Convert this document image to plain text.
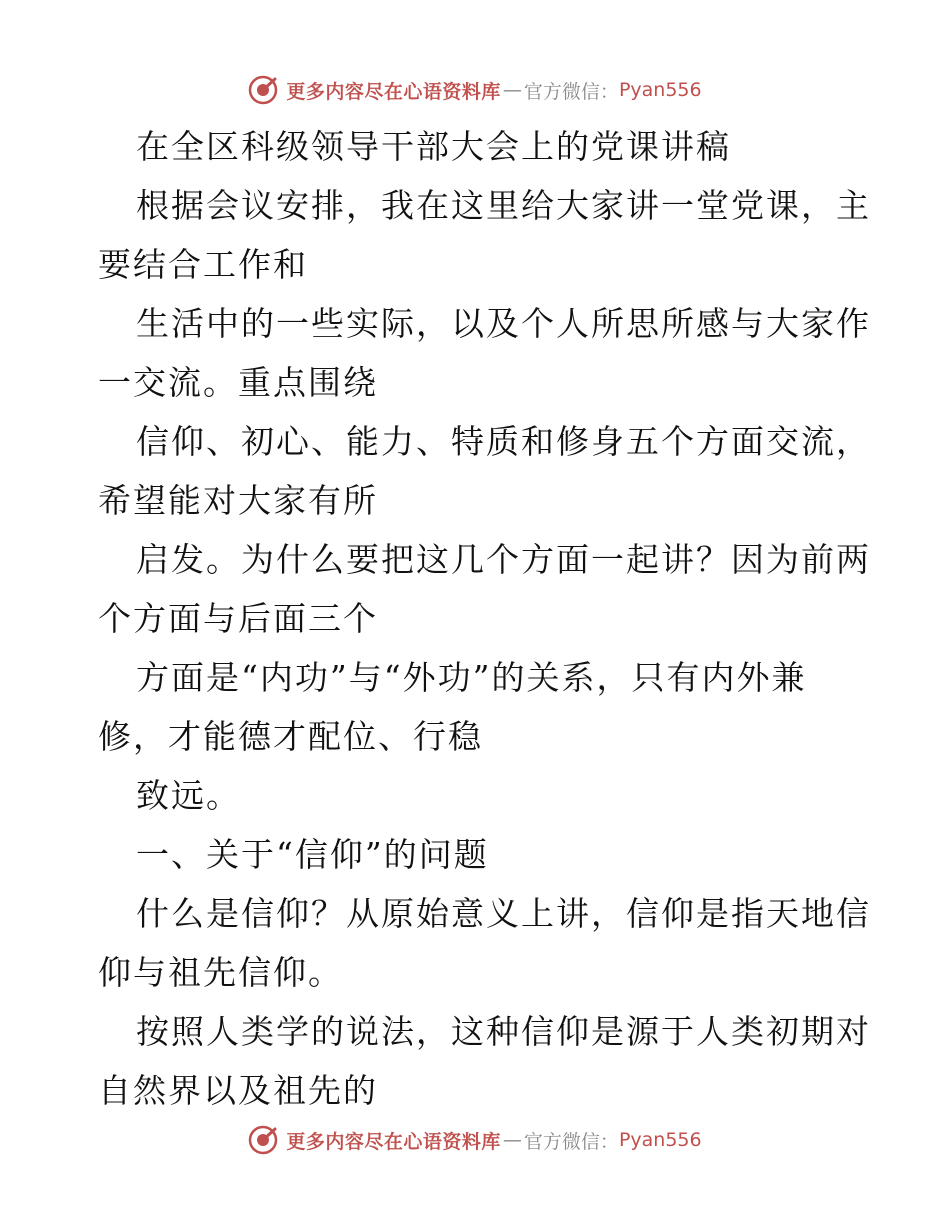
更多内容尽在心语资料库 — 官方微信： Pyan556
在全区科级领导干部大会上的党课讲稿
根据会议安排，我在这里给大家讲一堂党课，主
要结合工作和
生活中的一些实际，以及个人所思所感与大家作
一交流。重点围绕
信仰、初心、能力、特质和修身五个方面交流，
希望能对大家有所
启发。为什么要把这几个方面一起讲？因为前两
个方面与后面三个
方面是“内功”与“外功”的关系，只有内外兼
修，才能德才配位、行稳
致远。
一、关于“信仰”的问题
什么是信仰？从原始意义上讲，信仰是指天地信
仰与祖先信仰。
按照人类学的说法，这种信仰是源于人类初期对
自然界以及祖先的
更多内容尽在心语资料库 — 官方微信： Pyan556
